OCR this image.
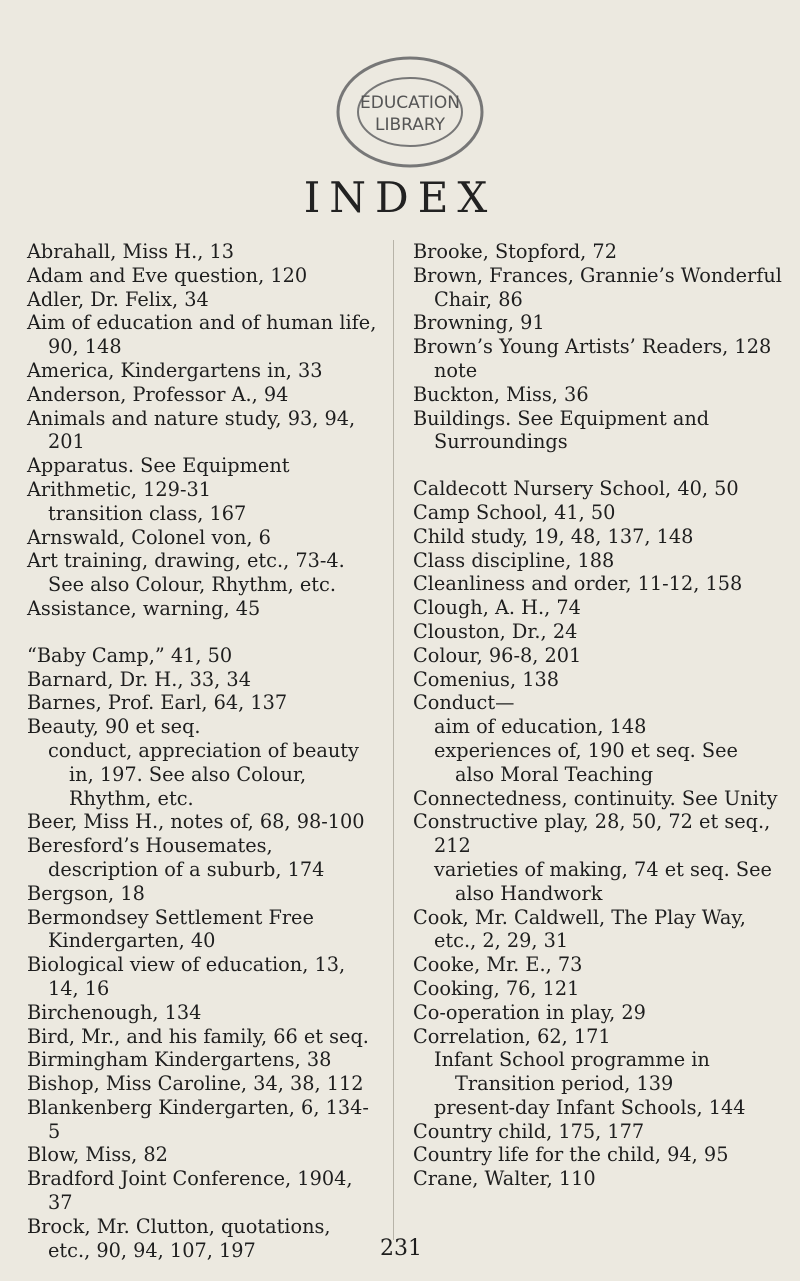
EDUCATION
LIBRARY
INDEX

Abrahall, Miss H., 13

Adam and Eve question, 120

Adler, Dr. Felix, 34

Aim of education and of human life, 90, 148

America, Kindergartens in, 33

Anderson, Professor A., 94

Animals and nature study, 93, 94, 201

Apparatus. See Equipment

Arithmetic, 129-31

transition class, 167

Arnswald, Colonel von, 6

Art training, drawing, etc., 73-4. See also Colour, Rhythm, etc.

Assistance, warning, 45

“Baby Camp,” 41, 50

Barnard, Dr. H., 33, 34

Barnes, Prof. Earl, 64, 137

Beauty, 90 et seq.

conduct, appreciation of beauty in, 197. See also Colour, Rhythm, etc.

Beer, Miss H., notes of, 68, 98-100

Beresford’s Housemates, description of a suburb, 174

Bergson, 18

Bermondsey Settlement Free Kindergarten, 40

Biological view of education, 13, 14, 16

Birchenough, 134

Bird, Mr., and his family, 66 et seq.

Birmingham Kindergartens, 38

Bishop, Miss Caroline, 34, 38, 112

Blankenberg Kindergarten, 6, 134-5

Blow, Miss, 82

Bradford Joint Conference, 1904, 37

Brock, Mr. Clutton, quotations, etc., 90, 94, 107, 197

Brooke, Stopford, 72

Brown, Frances, Grannie’s Wonderful Chair, 86

Browning, 91

Brown’s Young Artists’ Readers, 128 note

Buckton, Miss, 36

Buildings. See Equipment and Surroundings

Caldecott Nursery School, 40, 50

Camp School, 41, 50

Child study, 19, 48, 137, 148

Class discipline, 188

Cleanliness and order, 11-12, 158

Clough, A. H., 74

Clouston, Dr., 24

Colour, 96-8, 201

Comenius, 138

Conduct—

aim of education, 148

experiences of, 190 et seq. See also Moral Teaching

Connectedness, continuity. See Unity

Constructive play, 28, 50, 72 et seq., 212

varieties of making, 74 et seq. See also Handwork

Cook, Mr. Caldwell, The Play Way, etc., 2, 29, 31

Cooke, Mr. E., 73

Cooking, 76, 121

Co-operation in play, 29

Correlation, 62, 171

Infant School programme in Transition period, 139

present-day Infant Schools, 144

Country child, 175, 177

Country life for the child, 94, 95

Crane, Walter, 110

231
